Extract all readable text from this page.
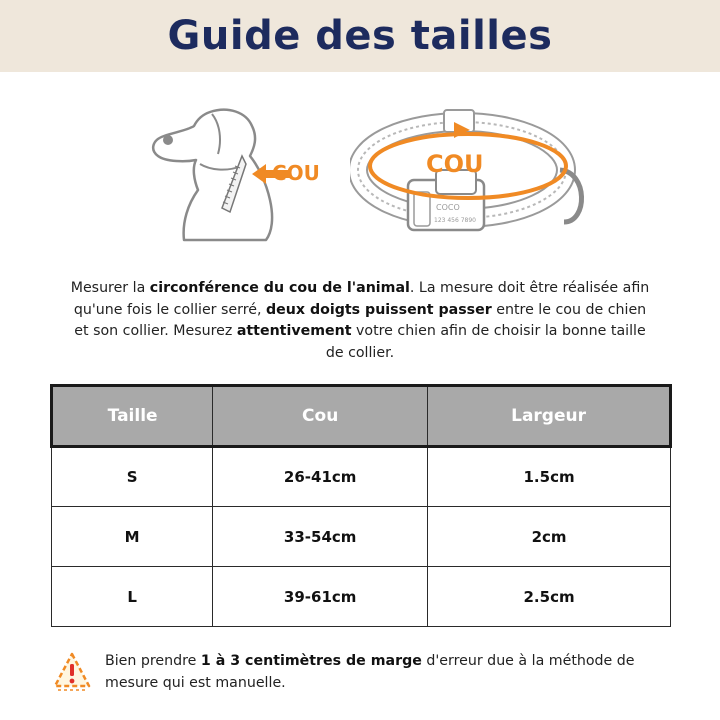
Guide des tailles
COU
COCO
123 456 7890
COU

Mesurer la circonférence du cou de l'animal. La mesure doit être réalisée afin qu'une fois le collier serré, deux doigts puissent passer entre le cou de chien et son collier. Mesurez attentivement votre chien afin de choisir la bonne taille de collier.

Taille	Cou	Largeur
S	26-41cm	1.5cm
M	33-54cm	2cm
L	39-61cm	2.5cm

Bien prendre 1 à 3 centimètres de marge d'erreur due à la méthode de mesure qui est manuelle.
